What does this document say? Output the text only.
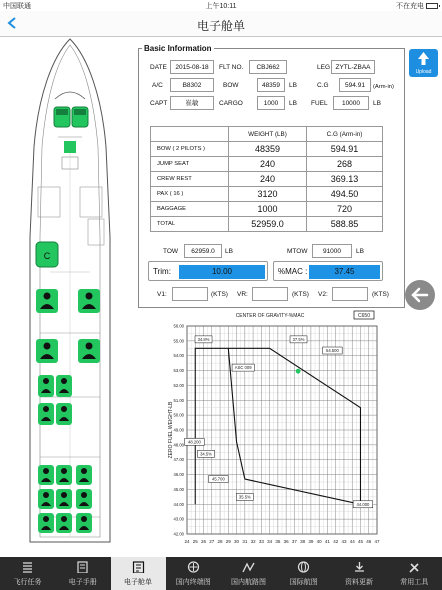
中国联通	上午10:11	不在充电
电子舱单
C
Basic Information
DATE	2015-08-18	FLT NO.	CBJ662	LEG ZYTL-ZBAA
A/C	B8302	BOW	48359	LB	C.G	594.91	(Arm-in)
CAPT	崔敏	CARGO	1000	LB FUEL	10000	LB
	WEIGHT (LB)	C.G (Arm-in)
BOW ( 2 PILOTS )	48359	594.91
JUMP SEAT	240	268
CREW REST	240	369.13
PAX ( 16 )	3120	494.50
BAGGAGE	1000	720
TOTAL	52959.0	588.85
TOW	62959.0	LB	MTOW	91000	LB
Trim:	10.00	%MAC :	37.45
V1:	(KTS) VR:	(KTS) V2:	(KTS)
Upload
24 25 26 27 28 29 30 31 32 33 34 35 36 37 38 39 40 41 42 43 44 45 46 47
42.00
43.00
44.00
45.00
46.00
47.00
48.00
49.00
50.00
51.00
52.00
53.00
54.00
55.00
56.00
CENTER OF GRAVITY-%MAC	C650
ZERO FUEL WEIGHT-LB
34.8%	37.5%
54.500
ASC 009
48.200
34.5%
45.700
35.5%
44.000
飞行任务	电子手册	电子舱单	国内终端图	国内航路图	国际航图	资料更新	常用工具
